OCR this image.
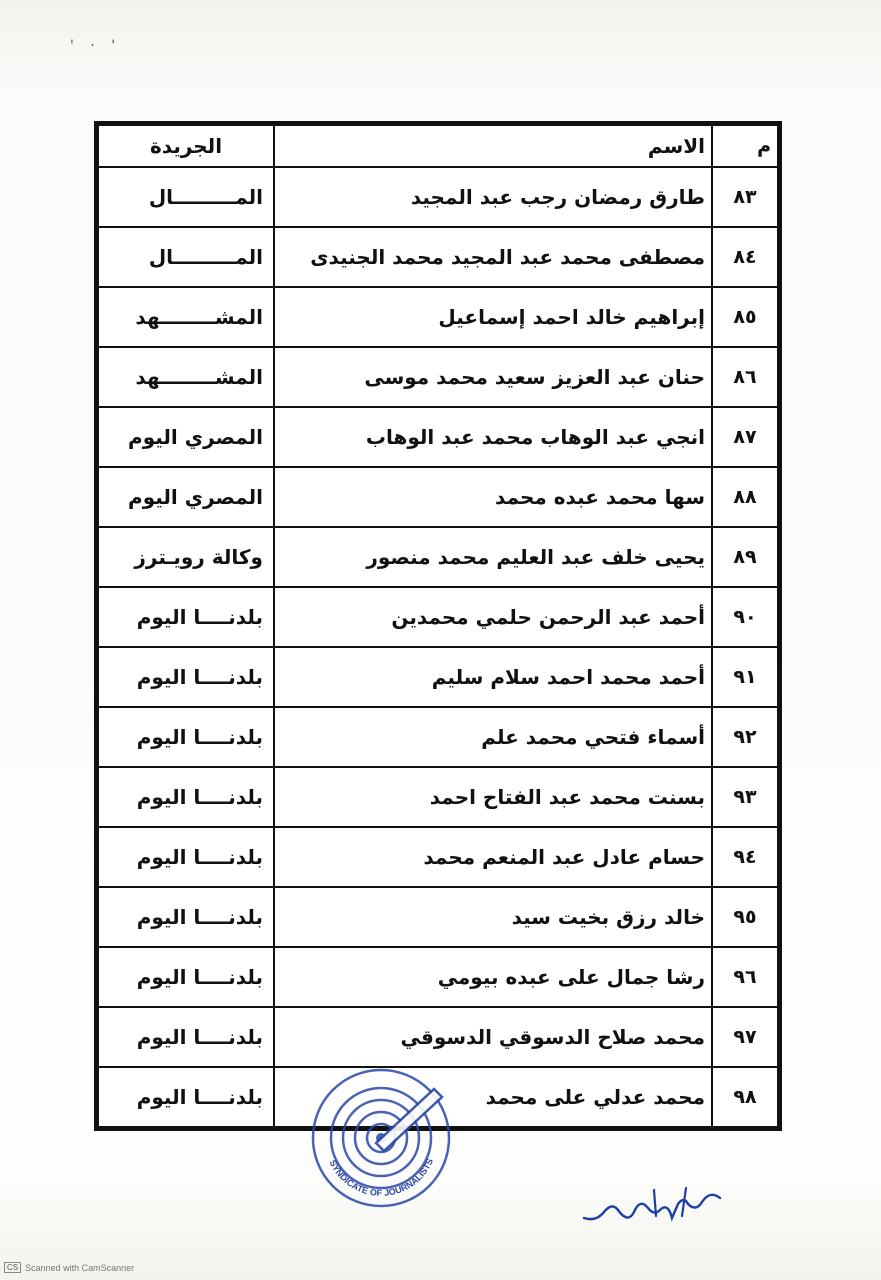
' · '
م	الاسم	الجريدة
٨٣	طارق رمضان رجب عبد المجيد	المـــــــــال
٨٤	مصطفى محمد عبد المجيد محمد الجنيدى	المـــــــــال
٨٥	إبراهيم خالد احمد إسماعيل	المشــــــــهد
٨٦	حنان عبد العزيز سعيد محمد موسى	المشــــــــهد
٨٧	انجي عبد الوهاب محمد عبد الوهاب	المصري اليوم
٨٨	سها محمد عبده محمد	المصري اليوم
٨٩	يحيى خلف عبد العليم محمد منصور	وكالة رويـترز
٩٠	أحمد عبد الرحمن حلمي محمدين	بلدنــــا اليوم
٩١	أحمد محمد احمد سلام سليم	بلدنــــا اليوم
٩٢	أسماء فتحي محمد علم	بلدنــــا اليوم
٩٣	بسنت محمد عبد الفتاح احمد	بلدنــــا اليوم
٩٤	حسام عادل عبد المنعم محمد	بلدنــــا اليوم
٩٥	خالد رزق بخيت سيد	بلدنــــا اليوم
٩٦	رشا جمال على عبده بيومي	بلدنــــا اليوم
٩٧	محمد صلاح الدسوقي الدسوقي	بلدنــــا اليوم
٩٨	محمد عدلي على محمد	بلدنــــا اليوم
SYNDICATE OF JOURNALISTS
CS Scanned with CamScanner
